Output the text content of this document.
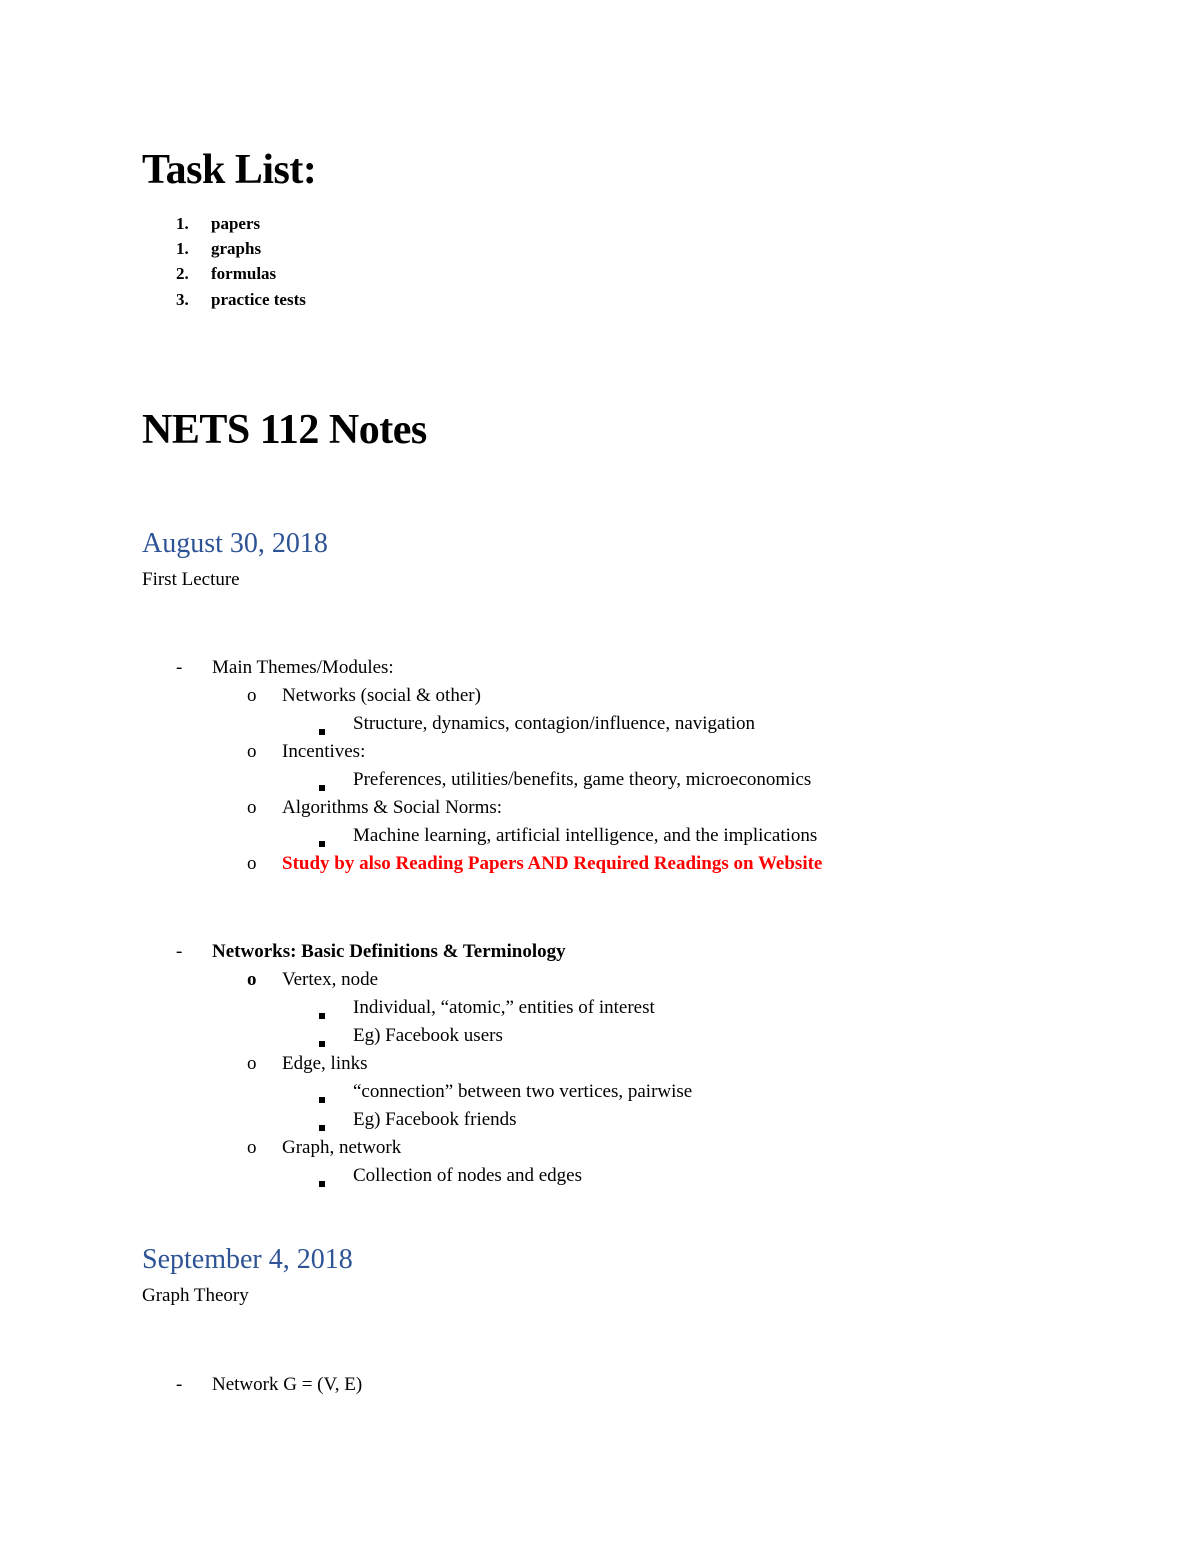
Task List:
1. papers
1. graphs
2. formulas
3. practice tests
NETS 112 Notes
August 30, 2018
First Lecture
- Main Themes/Modules:
o Networks (social & other)
Structure, dynamics, contagion/influence, navigation
o Incentives:
Preferences, utilities/benefits, game theory, microeconomics
o Algorithms & Social Norms:
Machine learning, artificial intelligence, and the implications
o Study by also Reading Papers AND Required Readings on Website
- Networks: Basic Definitions & Terminology
o Vertex, node
Individual, “atomic,” entities of interest
Eg) Facebook users
o Edge, links
“connection” between two vertices, pairwise
Eg) Facebook friends
o Graph, network
Collection of nodes and edges
September 4, 2018
Graph Theory
- Network G = (V, E)
